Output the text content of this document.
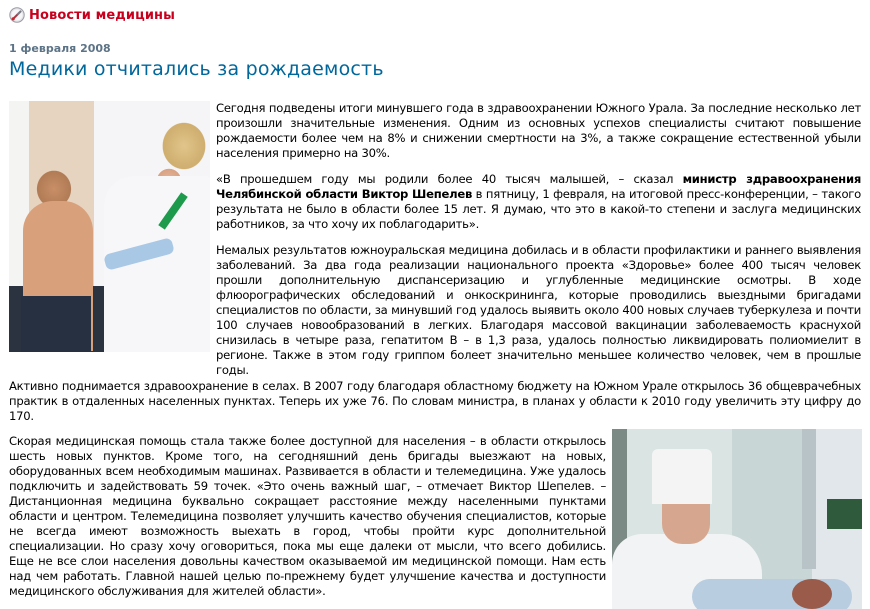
Новости медицины
1 февраля 2008
Медики отчитались за рождаемость

Сегодня подведены итоги минувшего года в здравоохранении Южного Урала. За последние несколько лет произошли значительные изменения. Одним из основных успехов специалисты считают повышение рождаемости более чем на 8% и снижении смертности на 3%, а также сокращение естественной убыли населения примерно на 30%.

«В прошедшем году мы родили более 40 тысяч малышей, – сказал министр здравоохранения Челябинской области Виктор Шепелев в пятницу, 1 февраля, на итоговой пресс-конференции, – такого результата не было в области более 15 лет. Я думаю, что это в какой-то степени и заслуга медицинских работников, за что хочу их поблагодарить».

Немалых результатов южноуральская медицина добилась и в области профилактики и раннего выявления заболеваний. За два года реализации национального проекта «Здоровье» более 400 тысяч человек прошли дополнительную диспансеризацию и углубленные медицинские осмотры. В ходе флюорографических обследований и онкоскрининга, которые проводились выездными бригадами специалистов по области, за минувший год удалось выявить около 400 новых случаев туберкулеза и почти 100 случаев новообразований в легких. Благодаря массовой вакцинации заболеваемость краснухой снизилась в четыре раза, гепатитом В – в 1,3 раза, удалось полностью ликвидировать полиомиелит в регионе. Также в этом году гриппом болеет значительно меньшее количество человек, чем в прошлые годы.

Активно поднимается здравоохранение в селах. В 2007 году благодаря областному бюджету на Южном Урале открылось 36 общеврачебных практик в отдаленных населенных пунктах. Теперь их уже 76. По словам министра, в планах у области к 2010 году увеличить эту цифру до 170.

Скорая медицинская помощь стала также более доступной для населения – в области открылось шесть новых пунктов. Кроме того, на сегодняшний день бригады выезжают на новых, оборудованных всем необходимым машинах. Развивается в области и телемедицина. Уже удалось подключить и задействовать 59 точек. «Это очень важный шаг, – отмечает Виктор Шепелев. – Дистанционная медицина буквально сокращает расстояние между населенными пунктами области и центром. Телемедицина позволяет улучшить качество обучения специалистов, которые не всегда имеют возможность выехать в город, чтобы пройти курс дополнительной специализации. Но сразу хочу оговориться, пока мы еще далеки от мысли, что всего добились. Еще не все слои населения довольны качеством оказываемой им медицинской помощи. Нам есть над чем работать. Главной нашей целью по-прежнему будет улучшение качества и доступности медицинского обслуживания для жителей области».
